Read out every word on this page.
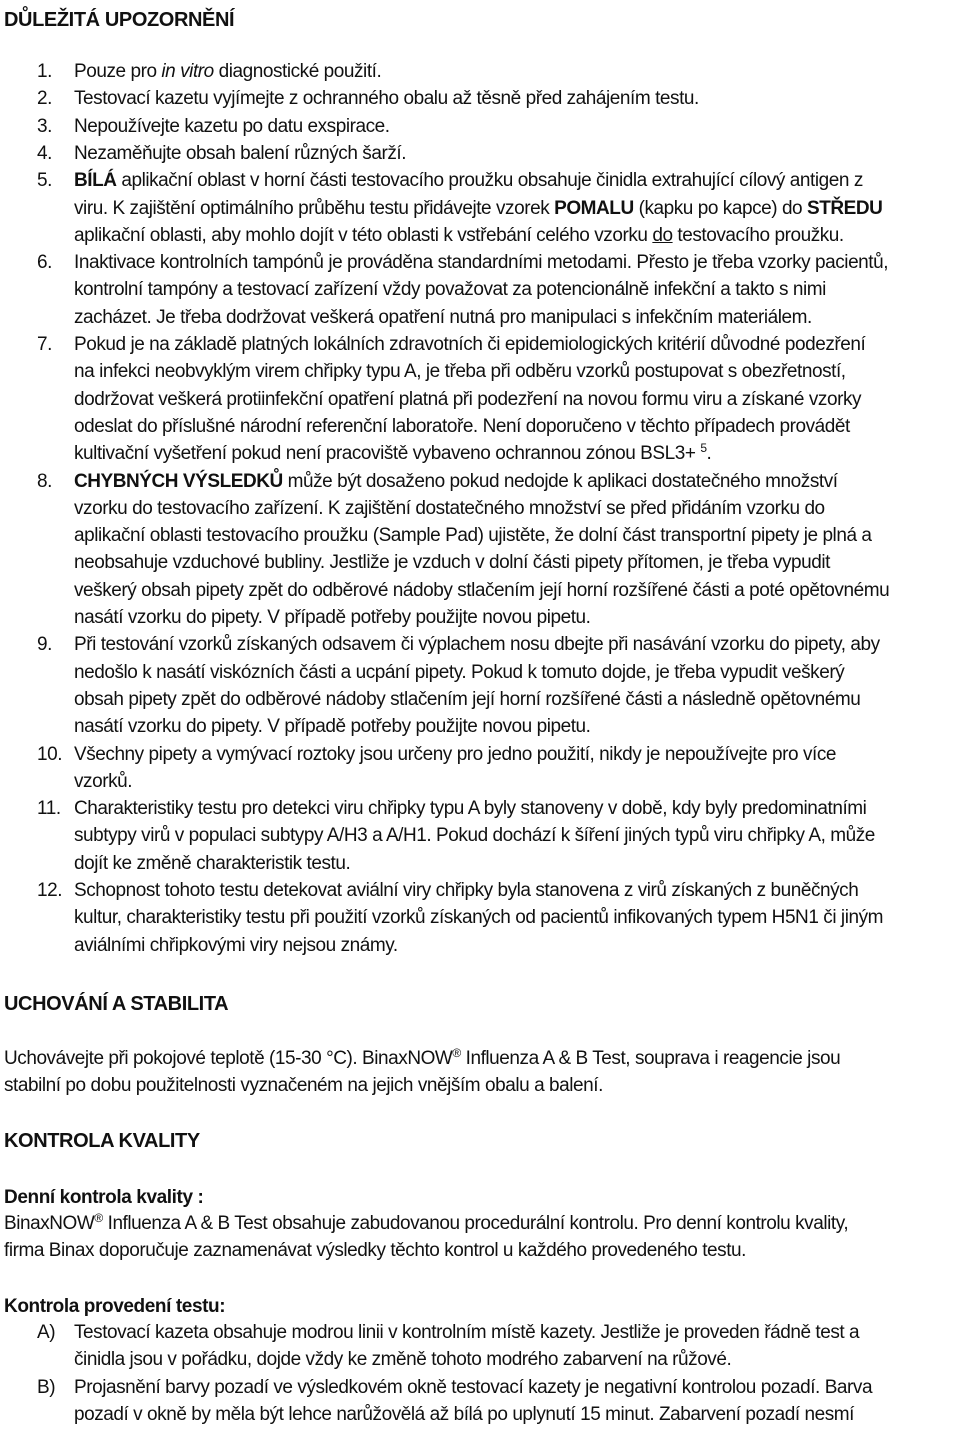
DŮLEŽITÁ UPOZORNĚNÍ
1. Pouze pro in vitro diagnostické použití.
2. Testovací kazetu vyjímejte z ochranného obalu až těsně před zahájením testu.
3. Nepoužívejte kazetu po datu exspirace.
4. Nezaměňujte obsah balení různých šarží.
5. BÍLÁ aplikační oblast v horní části testovacího proužku obsahuje činidla extrahující cílový antigen z
viru. K zajištění optimálního průběhu testu přidávejte vzorek POMALU (kapku po kapce) do STŘEDU
aplikační oblasti, aby mohlo dojít v této oblasti k vstřebání celého vzorku do testovacího proužku.
6. Inaktivace kontrolních tampónů je prováděna standardními metodami. Přesto je třeba vzorky pacientů,
kontrolní tampóny a testovací zařízení vždy považovat za potencionálně infekční a takto s nimi
zacházet. Je třeba dodržovat veškerá opatření nutná pro manipulaci s infekčním materiálem.
7. Pokud je na základě platných lokálních zdravotních či epidemiologických kritérií důvodné podezření
na infekci neobvyklým virem chřipky typu A, je třeba při odběru vzorků postupovat s obezřetností,
dodržovat veškerá protiinfekční opatření platná při podezření na novou formu viru a získané vzorky
odeslat do příslušné národní referenční laboratoře. Není doporučeno v těchto případech provádět
kultivační vyšetření pokud není pracoviště vybaveno ochrannou zónou BSL3+ $^5$.
8. CHYBNÝCH VÝSLEDKŮ může být dosaženo pokud nedojde k aplikaci dostatečného množství
vzorku do testovacího zařízení. K zajištění dostatečného množství se před přidáním vzorku do
aplikační oblasti testovacího proužku (Sample Pad) ujistěte, že dolní část transportní pipety je plná a
neobsahuje vzduchové bubliny. Jestliže je vzduch v dolní části pipety přítomen, je třeba vypudit
veškerý obsah pipety zpět do odběrové nádoby stlačením její horní rozšířené části a poté opětovnému
nasátí vzorku do pipety. V případě potřeby použijte novou pipetu.
9. Při testování vzorků získaných odsavem či výplachem nosu dbejte při nasávání vzorku do pipety, aby
nedošlo k nasátí viskózních části a ucpání pipety. Pokud k tomuto dojde, je třeba vypudit veškerý
obsah pipety zpět do odběrové nádoby stlačením její horní rozšířené části a následně opětovnému
nasátí vzorku do pipety. V případě potřeby použijte novou pipetu.
10. Všechny pipety a vymývací roztoky jsou určeny pro jedno použití, nikdy je nepoužívejte pro více
vzorků.
11. Charakteristiky testu pro detekci viru chřipky typu A byly stanoveny v době, kdy byly predominatními
subtypy virů v populaci subtypy A/H3 a A/H1. Pokud dochází k šíření jiných typů viru chřipky A, může
dojít ke změně charakteristik testu.
12. Schopnost tohoto testu detekovat aviální viry chřipky byla stanovena z virů získaných z buněčných
kultur, charakteristiky testu při použití vzorků získaných od pacientů infikovaných typem H5N1 či jiným
aviálními chřipkovými viry nejsou známy.
UCHOVÁNÍ A STABILITA
Uchovávejte při pokojové teplotě (15-30 °C). BinaxNOW® Influenza A & B Test, souprava i reagencie jsou
stabilní po dobu použitelnosti vyznačeném na jejich vnějším obalu a balení.
KONTROLA KVALITY
Denní kontrola kvality :
BinaxNOW® Influenza A & B Test obsahuje zabudovanou procedurální kontrolu. Pro denní kontrolu kvality,
firma Binax doporučuje zaznamenávat výsledky těchto kontrol u každého provedeného testu.
Kontrola provedení testu:
A) Testovací kazeta obsahuje modrou linii v kontrolním místě kazety. Jestliže je proveden řádně test a
činidla jsou v pořádku, dojde vždy ke změně tohoto modrého zabarvení na růžové.
B) Projasnění barvy pozadí ve výsledkovém okně testovací kazety je negativní kontrolou pozadí. Barva
pozadí v okně by měla být lehce narůžovělá až bílá po uplynutí 15 minut. Zabarvení pozadí nesmí
